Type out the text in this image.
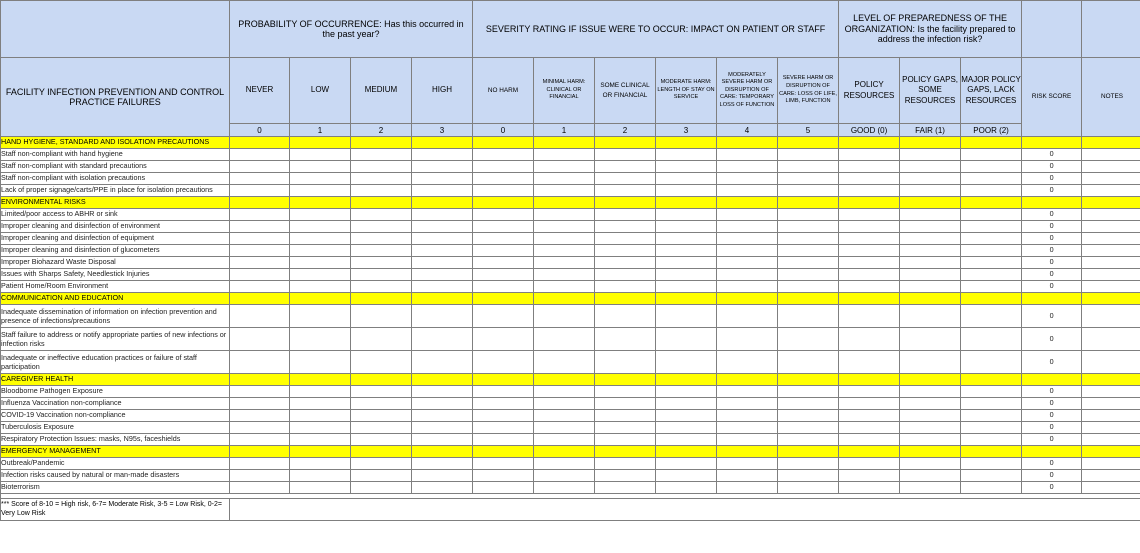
	PROBABILITY OF OCCURRENCE: Has this occurred in the past year?				SEVERITY RATING IF ISSUE WERE TO OCCUR: IMPACT ON PATIENT OR STAFF						LEVEL OF PREPAREDNESS OF THE ORGANIZATION: Is the facility prepared to address the infection risk?				
FACILITY INFECTION PREVENTION AND CONTROL PRACTICE FAILURES	NEVER	LOW	MEDIUM	HIGH	NO HARM	MINIMAL HARM: CLINICAL OR FINANCIAL	SOME CLINICAL OR FINANCIAL	MODERATE HARM: LENGTH OF STAY ON SERVICE	MODERATELY SEVERE HARM OR DISRUPTION OF CARE: TEMPORARY LOSS OF FUNCTION	SEVERE HARM OR DISRUPTION OF CARE: LOSS OF LIFE, LIMB, FUNCTION	POLICY RESOURCES	POLICY GAPS, SOME RESOURCES	MAJOR POLICY GAPS, LACK RESOURCES	RISK SCORE	NOTES
	0	1	2	3	0	1	2	3	4	5	GOOD (0)	FAIR (1)	POOR (2)		
HAND HYGIENE, STANDARD AND ISOLATION PRECAUTIONS															
Staff non-compliant with hand hygiene														0	
Staff non-compliant with standard precautions														0	
Staff non-compliant with isolation precautions														0	
Lack of proper signage/carts/PPE in place for isolation precautions														0	
ENVIRONMENTAL RISKS															
Limited/poor access to ABHR or sink														0	
Improper cleaning and disinfection of environment														0	
Improper cleaning and disinfection of equipment														0	
Improper cleaning and disinfection of glucometers														0	
Improper Biohazard Waste Disposal														0	
Issues with Sharps Safety, Needlestick Injuries														0	
Patient Home/Room Environment														0	
COMMUNICATION AND EDUCATION															
Inadequate dissemination of information on infection prevention and presence of infections/precautions														0	
Staff failure to address or notify appropriate parties of new infections or infection risks														0	
Inadequate or ineffective education practices or failure of staff participation														0	
CAREGIVER HEALTH															
Bloodborne Pathogen Exposure														0	
Influenza Vaccination non-compliance														0	
COVID-19 Vaccination non-compliance														0	
Tuberculosis Exposure														0	
Respiratory Protection Issues: masks, N95s, faceshields														0	
EMERGENCY MANAGEMENT															
Outbreak/Pandemic														0	
Infection risks caused by natural or man-made disasters														0	
Bioterrorism														0	

*** Score of 8-10 = High risk, 6-7= Moderate Risk, 3-5 = Low Risk, 0-2= Very Low Risk															
